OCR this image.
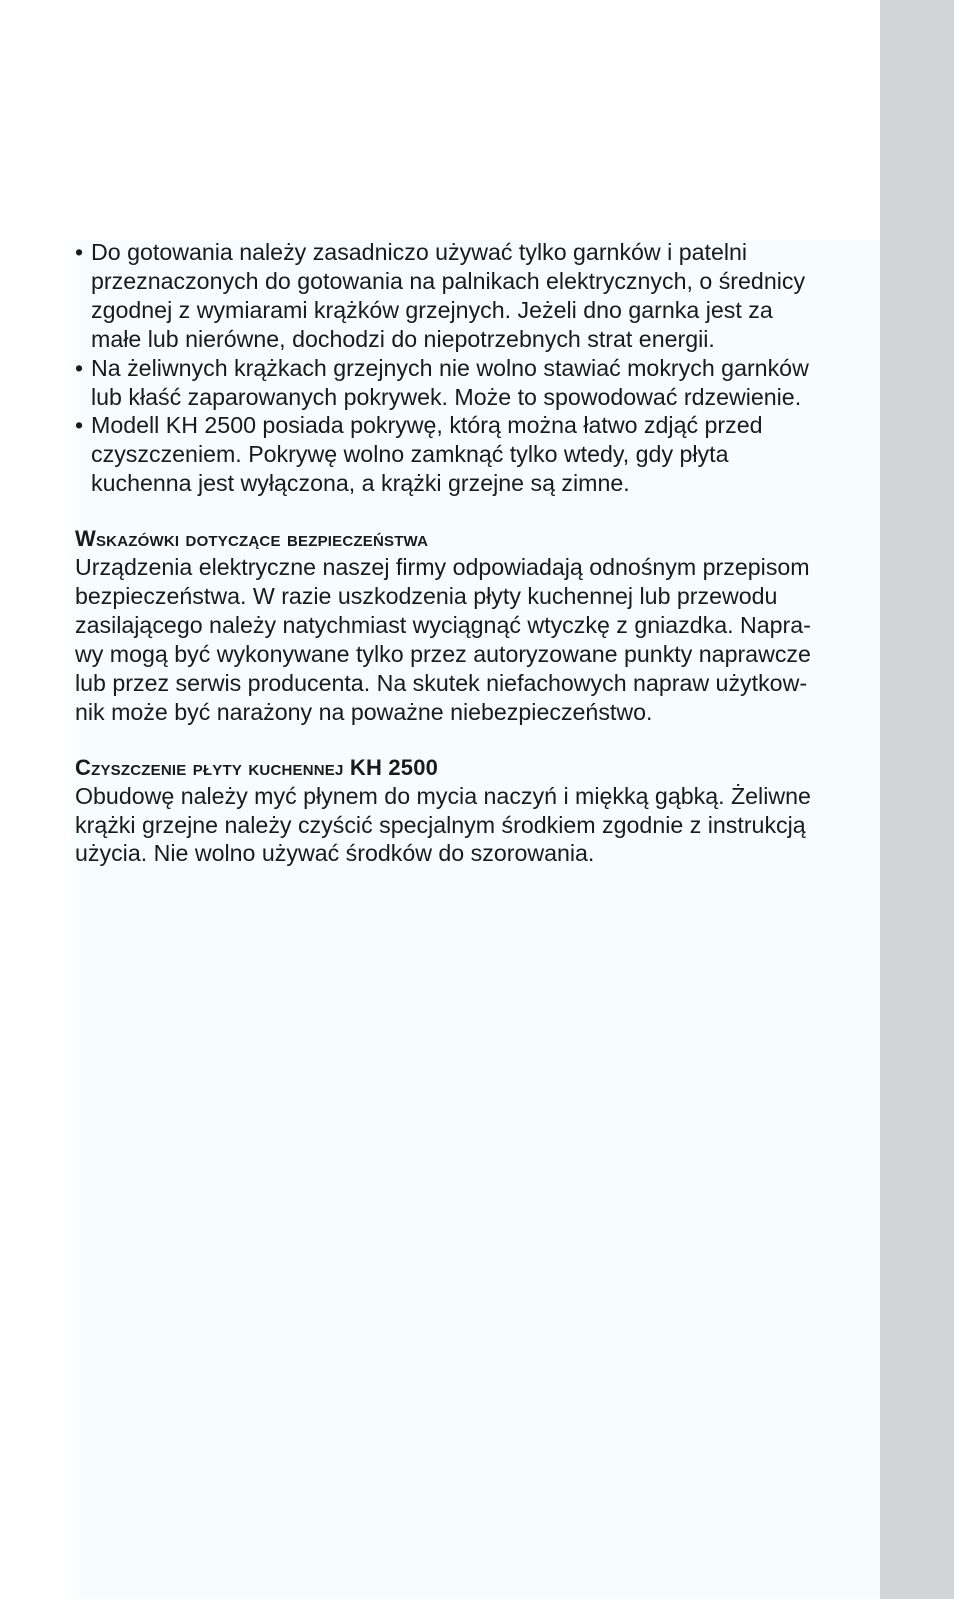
• Do gotowania należy zasadniczo używać tylko garnków i patelni
przeznaczonych do gotowania na palnikach elektrycznych, o średnicy
zgodnej z wymiarami krążków grzejnych. Jeżeli dno garnka jest za
małe lub nierówne, dochodzi do niepotrzebnych strat energii.
• Na żeliwnych krążkach grzejnych nie wolno stawiać mokrych garnków
lub kłaść zaparowanych pokrywek. Może to spowodować rdzewienie.
• Modell KH 2500 posiada pokrywę, którą można łatwo zdjąć przed
czyszczeniem. Pokrywę wolno zamknąć tylko wtedy, gdy płyta
kuchenna jest wyłączona, a krążki grzejne są zimne.
Wskazówki dotyczące bezpieczeństwa

Urządzenia elektryczne naszej firmy odpowiadają odnośnym przepisom
bezpieczeństwa. W razie uszkodzenia płyty kuchennej lub przewodu
zasilającego należy natychmiast wyciągnąć wtyczkę z gniazdka. Napra-
wy mogą być wykonywane tylko przez autoryzowane punkty naprawcze
lub przez serwis producenta. Na skutek niefachowych napraw użytkow-
nik może być narażony na poważne niebezpieczeństwo.

Czyszczenie płyty kuchennej KH 2500

Obudowę należy myć płynem do mycia naczyń i miękką gąbką. Żeliwne
krążki grzejne należy czyścić specjalnym środkiem zgodnie z instrukcją
użycia. Nie wolno używać środków do szorowania.
